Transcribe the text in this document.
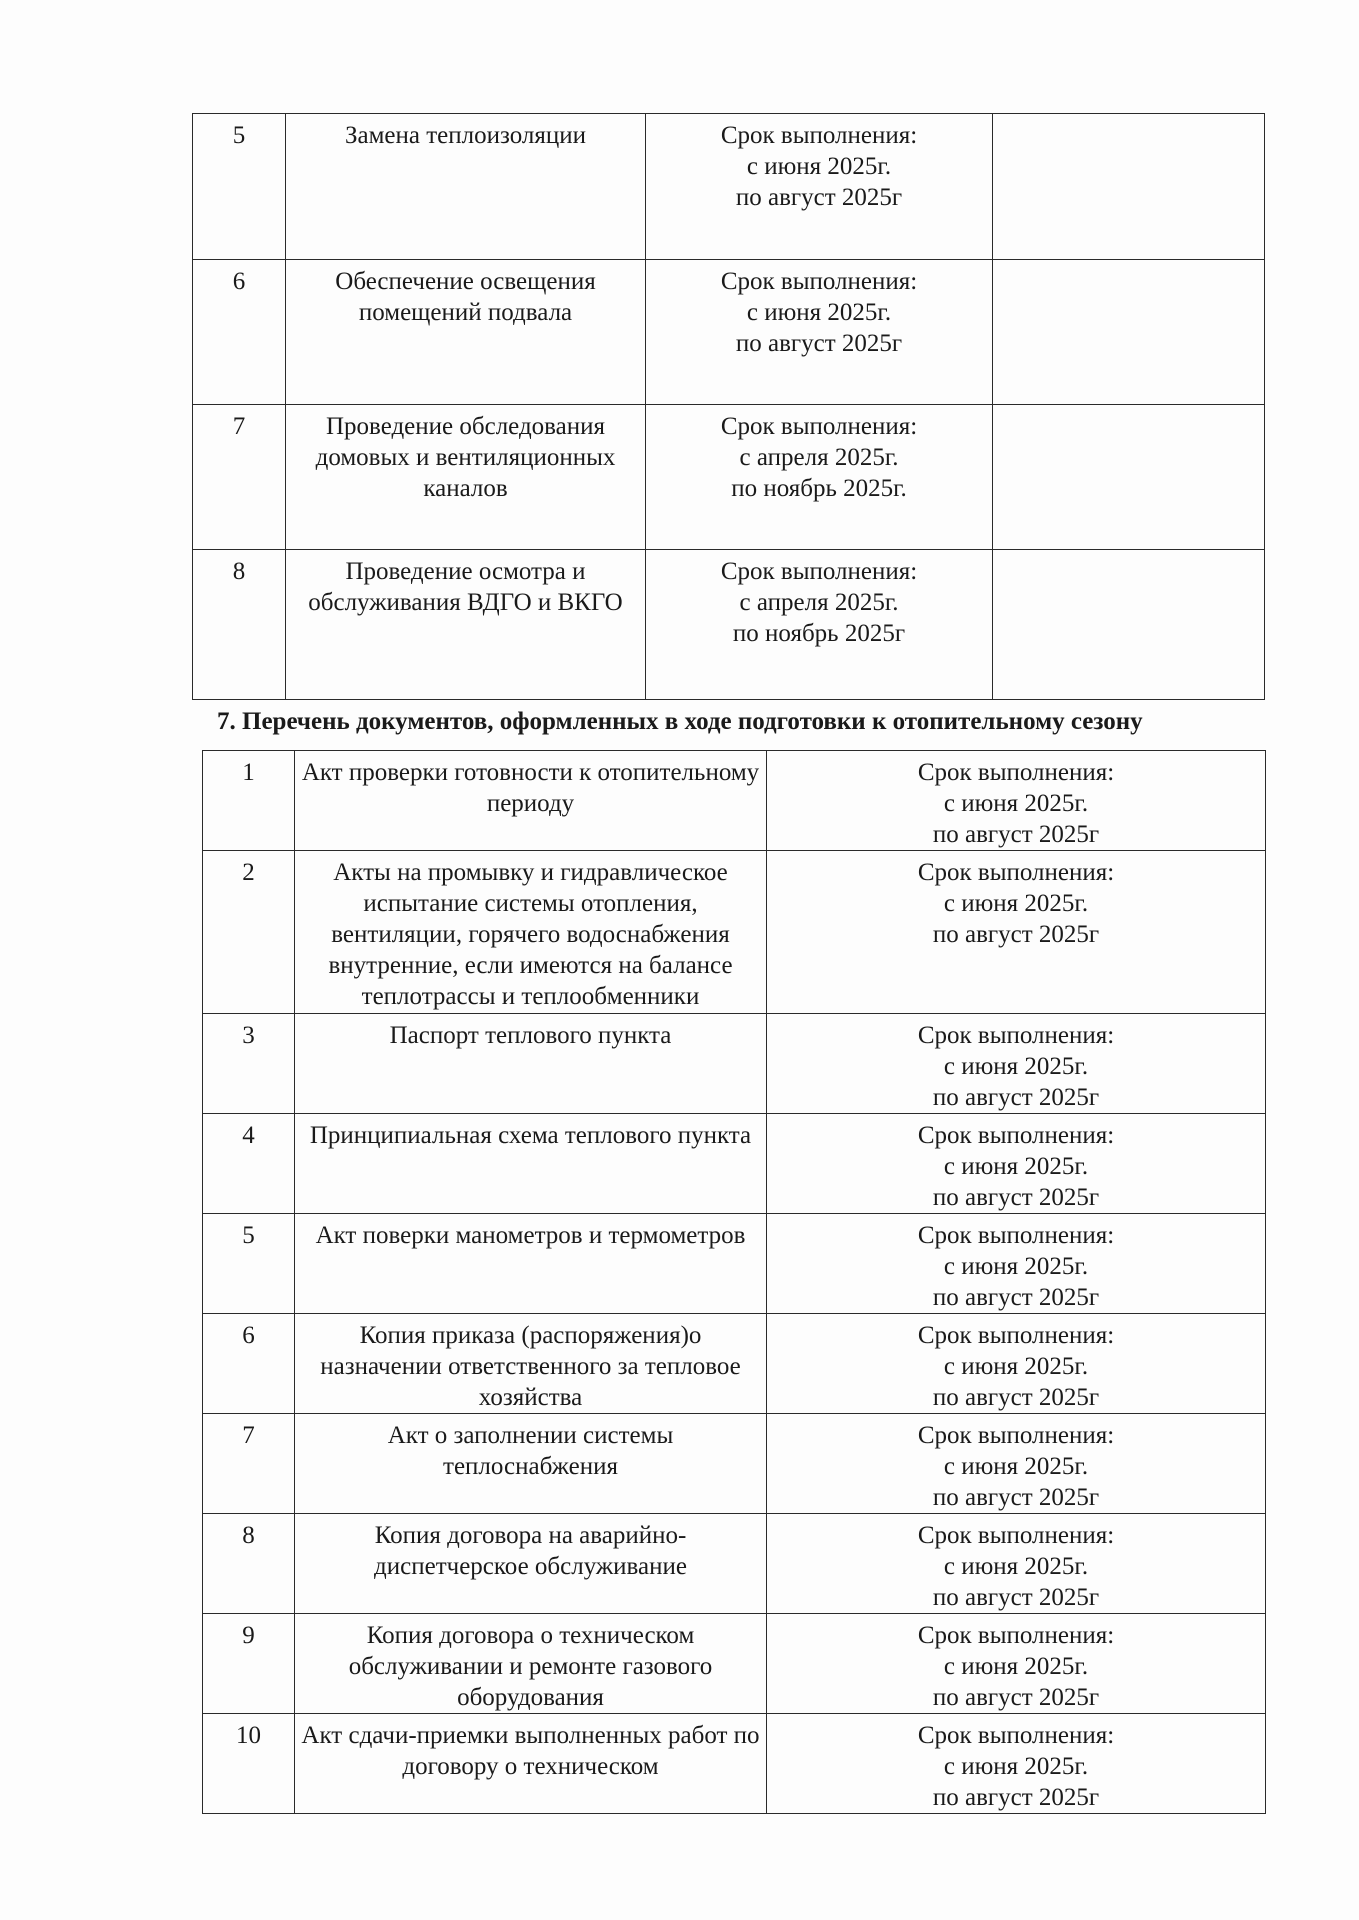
5	Замена теплоизоляции	Срок выполнения:
с июня 2025г.
по август 2025г	
6	Обеспечение освещения помещений подвала	Срок выполнения:
с июня 2025г.
по август 2025г	
7	Проведение обследования домовых и вентиляционных каналов	Срок выполнения:
с апреля 2025г.
по ноябрь 2025г.	
8	Проведение осмотра и обслуживания ВДГО и ВКГО	Срок выполнения:
с апреля 2025г.
по ноябрь 2025г	
7. Перечень документов, оформленных в ходе подготовки к отопительному сезону
1	Акт проверки готовности к отопительному периоду	Срок выполнения:
с июня 2025г.
по август 2025г
2	Акты на промывку и гидравлическое испытание системы отопления, вентиляции, горячего водоснабжения внутренние, если имеются на балансе теплотрассы и теплообменники	Срок выполнения:
с июня 2025г.
по август 2025г
3	Паспорт теплового пункта	Срок выполнения:
с июня 2025г.
по август 2025г
4	Принципиальная схема теплового пункта	Срок выполнения:
с июня 2025г.
по август 2025г
5	Акт поверки манометров и термометров	Срок выполнения:
с июня 2025г.
по август 2025г
6	Копия приказа (распоряжения)о назначении ответственного за тепловое хозяйства	Срок выполнения:
с июня 2025г.
по август 2025г
7	Акт о заполнении системы теплоснабжения	Срок выполнения:
с июня 2025г.
по август 2025г
8	Копия договора на аварийно-диспетчерское обслуживание	Срок выполнения:
с июня 2025г.
по август 2025г
9	Копия договора о техническом обслуживании и ремонте газового оборудования	Срок выполнения:
с июня 2025г.
по август 2025г
10	Акт сдачи-приемки выполненных работ по договору о техническом	Срок выполнения:
с июня 2025г.
по август 2025г
